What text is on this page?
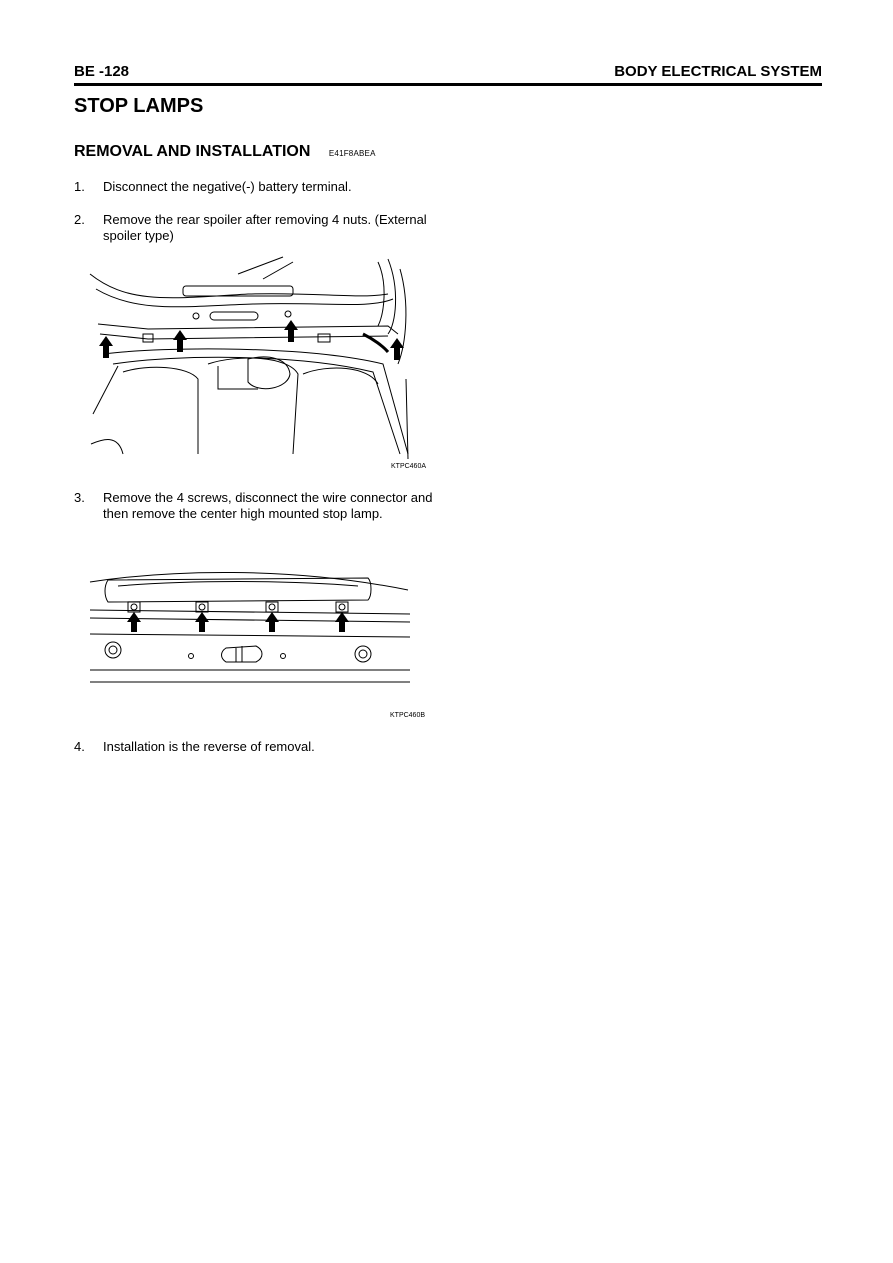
BE -128	BODY ELECTRICAL SYSTEM
STOP LAMPS
REMOVAL AND INSTALLATION E41F8ABEA
1.	Disconnect the negative(-) battery terminal.
2.	Remove the rear spoiler after removing 4 nuts. (External spoiler type)
KTPC460A
3.	Remove the 4 screws, disconnect the wire connector and then remove the center high mounted stop lamp.
KTPC460B
4.	Installation is the reverse of removal.
